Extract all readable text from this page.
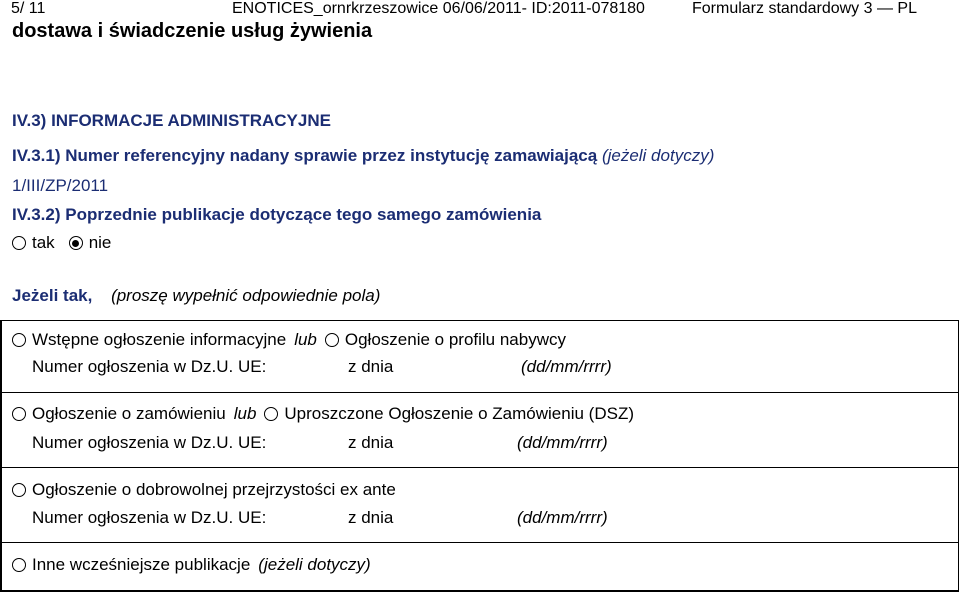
5/ 11	ENOTICES_ornrkrzeszowice 06/06/2011- ID:2011-078180	Formularz standardowy 3 — PL
dostawa i świadczenie usług żywienia
IV.3) INFORMACJE ADMINISTRACYJNE
IV.3.1) Numer referencyjny nadany sprawie przez instytucję zamawiającą (jeżeli dotyczy)
1/III/ZP/2011
IV.3.2) Poprzednie publikacje dotyczące tego samego zamówienia
tak nie
Jeżeli tak, (proszę wypełnić odpowiednie pola)
Wstępne ogłoszenie informacyjne lub Ogłoszenie o profilu nabywcy
Numer ogłoszenia w Dz.U. UE:	z dnia	(dd/mm/rrrr)
Ogłoszenie o zamówieniu lub Uproszczone Ogłoszenie o Zamówieniu (DSZ)
Numer ogłoszenia w Dz.U. UE:	z dnia	(dd/mm/rrrr)
Ogłoszenie o dobrowolnej przejrzystości ex ante
Numer ogłoszenia w Dz.U. UE:	z dnia	(dd/mm/rrrr)
Inne wcześniejsze publikacje (jeżeli dotyczy)
